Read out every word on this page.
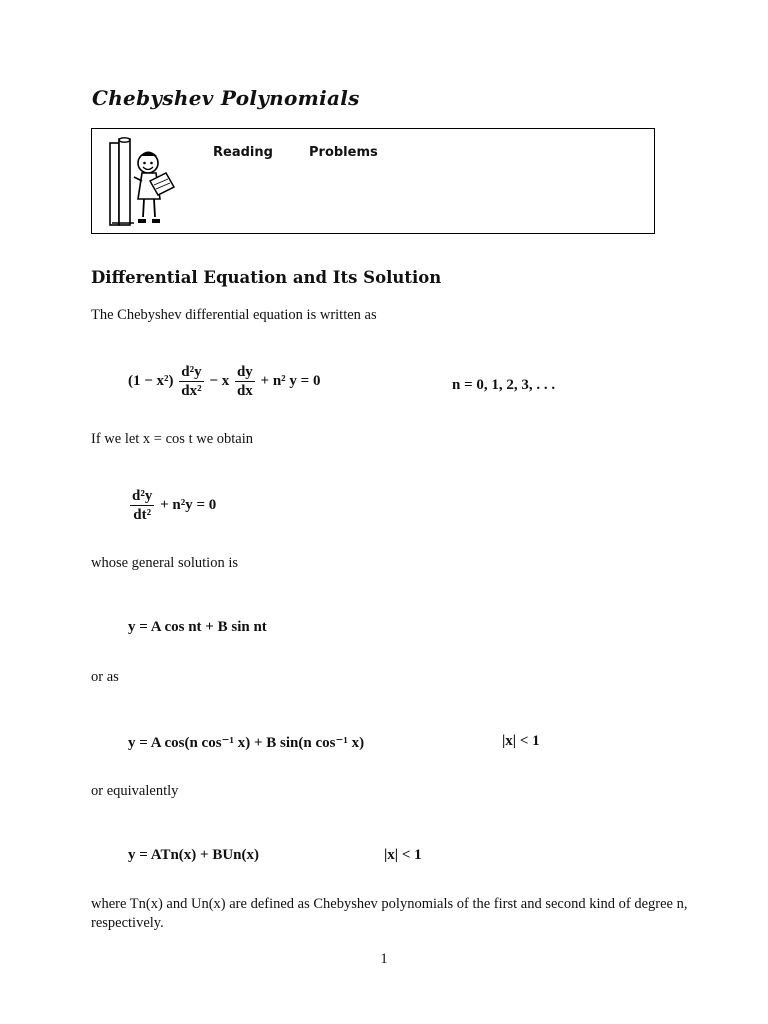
Chebyshev Polynomials
Reading	Problems
Differential Equation and Its Solution

The Chebyshev differential equation is written as

$(1 - x^2) \frac{\text{d²y}}{\text{dx²}} - x \frac{dy}{dx} + n^2$ y = 0	n = 0, 1, 2, 3, . . .

If we let x = cos t we obtain

$\frac{\text{d²y}}{\text{dt²}} + n^2y = 0$

whose general solution is

y = A cos nt + B sin nt

or as

y = A cos(n cos⁻¹ x) + B sin(n cos⁻¹ x)	|x| < 1

or equivalently

y = ATn(x) + BUn(x)	|x| < 1

where Tn(x) and Un(x) are defined as Chebyshev polynomials of the first and second kind of degree n, respectively.

1
